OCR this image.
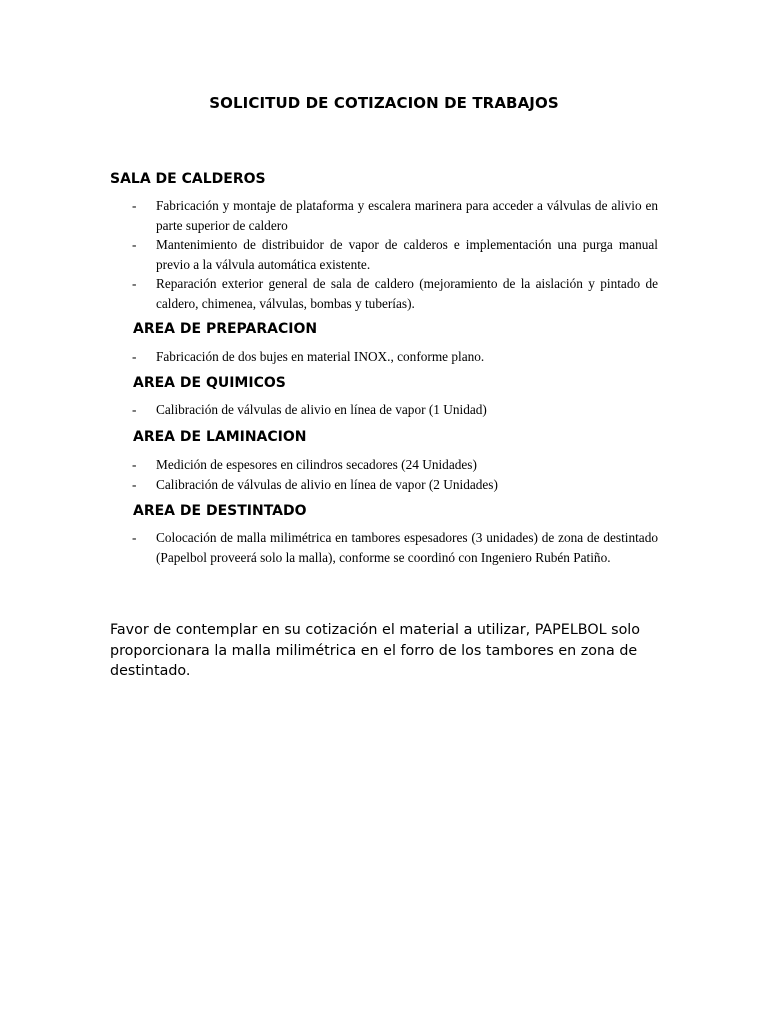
SOLICITUD DE COTIZACION DE TRABAJOS
SALA DE CALDEROS
- Fabricación y montaje de plataforma y escalera marinera para acceder a válvulas de alivio en parte superior de caldero
- Mantenimiento de distribuidor de vapor de calderos e implementación una purga manual previo a la válvula automática existente.
- Reparación exterior general de sala de caldero (mejoramiento de la aislación y pintado de caldero, chimenea, válvulas, bombas y tuberías).
AREA DE PREPARACION
- Fabricación de dos bujes en material INOX., conforme plano.
AREA DE QUIMICOS
- Calibración de válvulas de alivio en línea de vapor (1 Unidad)
AREA DE LAMINACION
- Medición de espesores en cilindros secadores (24 Unidades)
- Calibración de válvulas de alivio en línea de vapor (2 Unidades)
AREA DE DESTINTADO
- Colocación de malla milimétrica en tambores espesadores (3 unidades) de zona de destintado (Papelbol proveerá solo la malla), conforme se coordinó con Ingeniero Rubén Patiño.
Favor de contemplar en su cotización el material a utilizar, PAPELBOL solo proporcionara la malla milimétrica en el forro de los tambores en zona de destintado.
